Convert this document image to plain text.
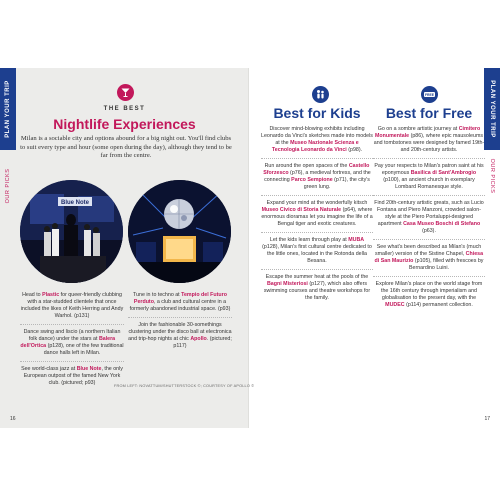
PLAN YOUR TRIP
OUR PICKS
THE BEST
Nightlife Experiences
Milan is a sociable city and options abound for a big night out. You'll find clubs to suit every type and hour (some open during the day), although they tend to be far from the centre.
Blue Note
Head to Plastic for queer-friendly clubbing with a star-studded clientele that once included the likes of Keith Herring and Andy Warhol. (p131)
Dance swing and liscio (a northern Italian folk dance) under the stars at Balera dell'Ortica (p128), one of the few traditional dance halls left in Milan.
See world-class jazz at Blue Note, the only European outpost of the famed New York club. (pictured; p93)
Tune in to techno at Tempio del Futuro Perduto, a club and cultural centre in a formerly abandoned industrial space. (p93)
Join the fashionable 30-somethings clustering under the disco ball at electronica and trip-hop nights at chic Apollo. (pictured; p117)
16
PLAN YOUR TRIP
OUR PICKS
FREE
Best for Kids	Best for Free
Discover mind-blowing exhibits including Leonardo da Vinci's sketches made into models at the Museo Nazionale Scienza e Tecnologia Leonardo da Vinci (p98).
Run around the open spaces of the Castello Sforzesco (p76), a medieval fortress, and the connecting Parco Sempione (p71), the city's green lung.
Expand your mind at the wonderfully kitsch Museo Civico di Storia Naturale (p64), where enormous dioramas let you imagine the life of a Bengal tiger and exotic creatures.
Let the kids learn through play at MUBA (p128), Milan's first cultural centre dedicated to the little ones, located in the Rotonda della Besana.
Escape the summer heat at the pools of the Bagni Misteriosi (p127), which also offers swimming courses and theatre workshops for the family.
Go on a sombre artistic journey at Cimitero Monumentale (p86), where epic mausoleums and tombstones were designed by famed 19th- and 20th-century artists.
Pay your respects to Milan's patron saint at his eponymous Basilica di Sant'Ambrogio (p100), an ancient church in exemplary Lombard Romanesque style.
Find 20th-century artistic greats, such as Lucio Fontana and Piero Manzoni, crowded salon-style at the Piero Portaluppi-designed apartment Casa Museo Boschi di Stefano (p63).
See what's been described as Milan's (much smaller) version of the Sistine Chapel, Chiesa di San Maurizio (p105), filled with frescoes by Bernardino Luini.
Explore Milan's place on the world stage from the 16th century through imperialism and globalisation to the present day, with the MUDEC (p114) permanent collection.
17
FROM LEFT: NOVATTUM/SHUTTERSTOCK ©; COURTESY OF APOLLO ©
